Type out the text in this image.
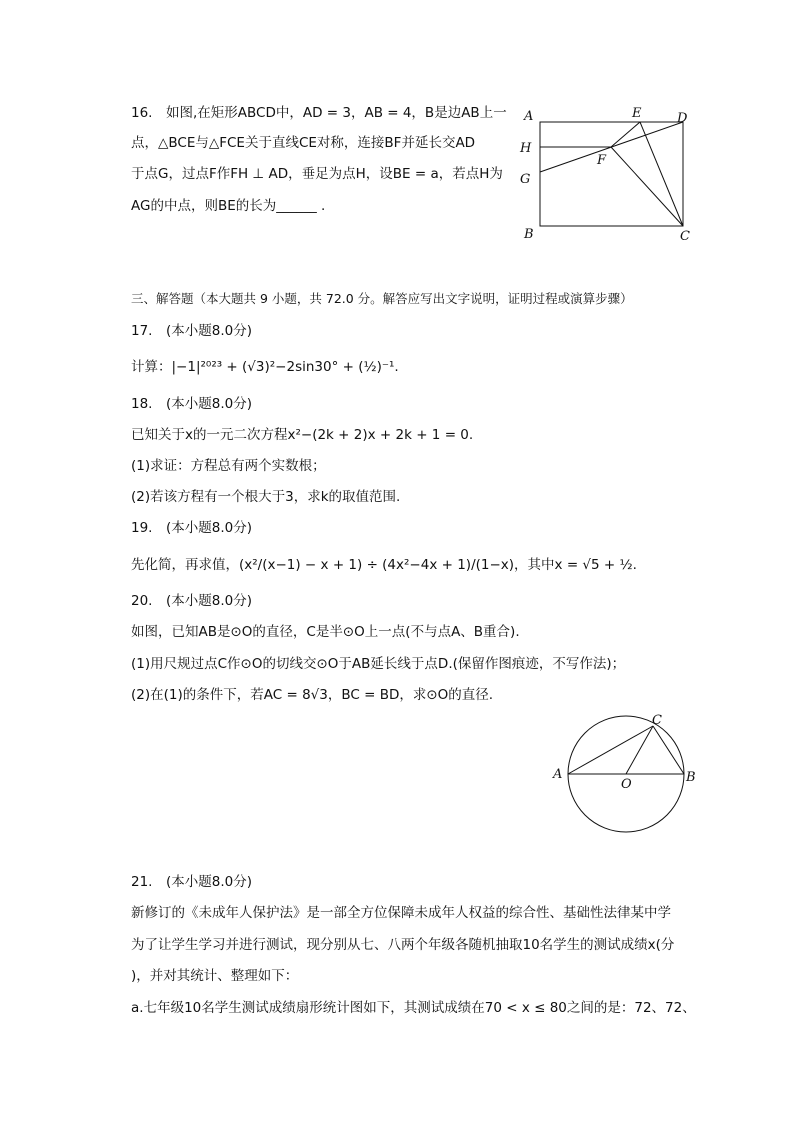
16.　如图,在矩形ABCD中，AD = 3，AB = 4，B是边AB上一
点，△BCE与△FCE关于直线CE对称，连接BF并延长交AD
于点G，过点F作FH ⊥ AD，垂足为点H，设BE = a，若点H为
AG的中点，则BE的长为______ .
A	E	D
H
F
G
B	C
三、解答题（本大题共 9 小题，共 72.0 分。解答应写出文字说明，证明过程或演算步骤）
17.　(本小题8.0分)
计算：|−1|²⁰²³ + (√3)²−2sin30° + (½)⁻¹.
18.　(本小题8.0分)
已知关于x的一元二次方程x²−(2k + 2)x + 2k + 1 = 0.
(1)求证：方程总有两个实数根；
(2)若该方程有一个根大于3，求k的取值范围.
19.　(本小题8.0分)
先化简，再求值，(x²/(x−1) − x + 1) ÷ (4x²−4x + 1)/(1−x)，其中x = √5 + ½.
20.　(本小题8.0分)
如图，已知AB是⊙O的直径，C是半⊙O上一点(不与点A、B重合).
(1)用尺规过点C作⊙O的切线交⊙O于AB延长线于点D.(保留作图痕迹，不写作法)；
(2)在(1)的条件下，若AC = 8√3，BC = BD，求⊙O的直径.
A	B
C
O
21.　(本小题8.0分)
新修订的《未成年人保护法》是一部全方位保障未成年人权益的综合性、基础性法律某中学
为了让学生学习并进行测试，现分别从七、八两个年级各随机抽取10名学生的测试成绩x(分
)，并对其统计、整理如下：
a.七年级10名学生测试成绩扇形统计图如下，其测试成绩在70 < x ≤ 80之间的是：72、72、
